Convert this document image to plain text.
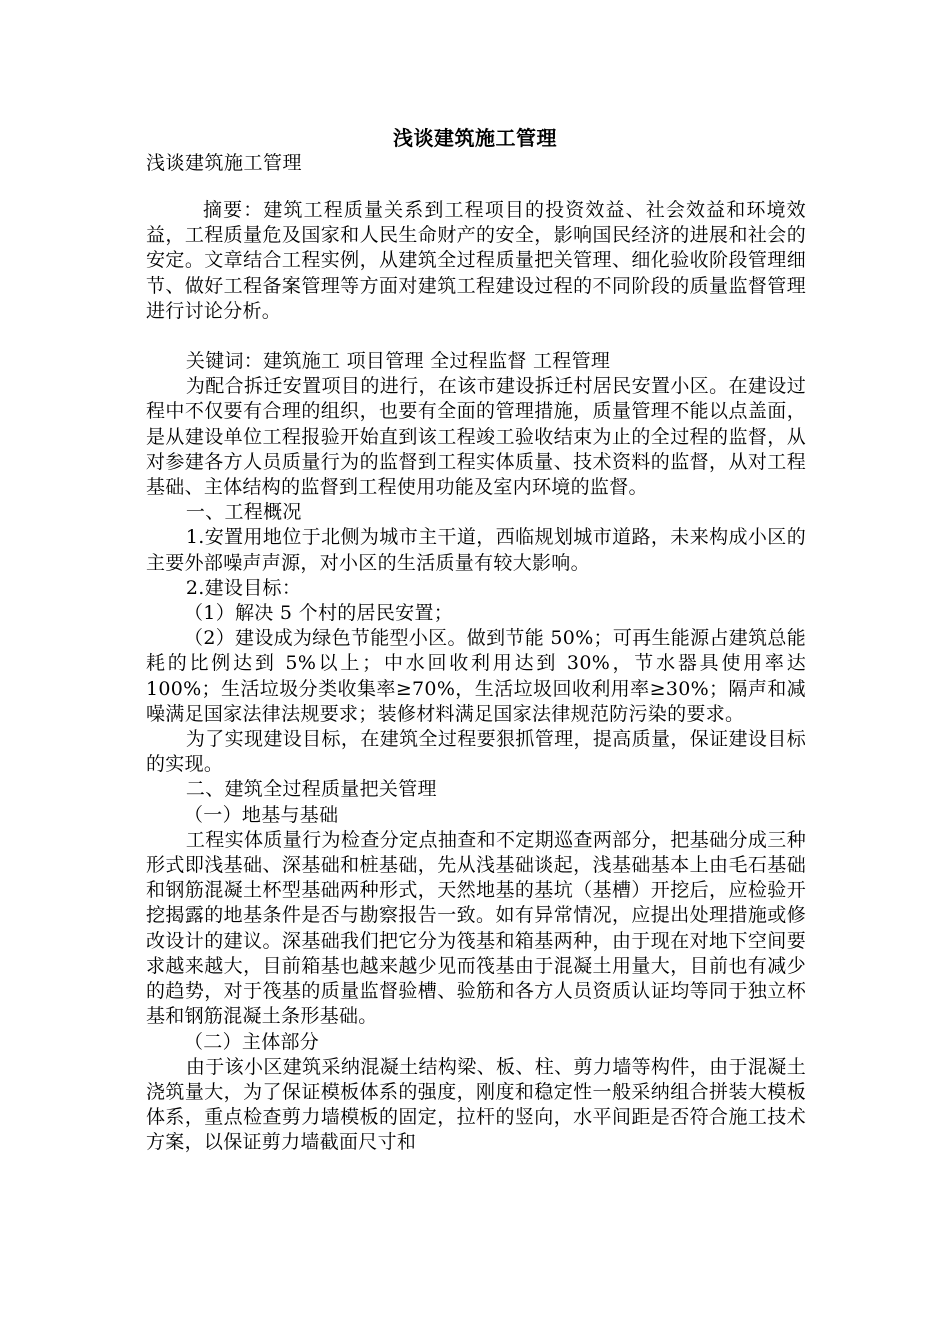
浅谈建筑施工管理
浅谈建筑施工管理

摘要：建筑工程质量关系到工程项目的投资效益、社会效益和环境效益，工程质量危及国家和人民生命财产的安全，影响国民经济的进展和社会的安定。文章结合工程实例，从建筑全过程质量把关管理、细化验收阶段管理细节、做好工程备案管理等方面对建筑工程建设过程的不同阶段的质量监督管理进行讨论分析。

关键词：建筑施工 项目管理 全过程监督 工程管理

为配合拆迁安置项目的进行，在该市建设拆迁村居民安置小区。在建设过程中不仅要有合理的组织，也要有全面的管理措施，质量管理不能以点盖面，是从建设单位工程报验开始直到该工程竣工验收结束为止的全过程的监督，从对参建各方人员质量行为的监督到工程实体质量、技术资料的监督，从对工程基础、主体结构的监督到工程使用功能及室内环境的监督。

一、工程概况

1.安置用地位于北侧为城市主干道，西临规划城市道路，未来构成小区的主要外部噪声声源，对小区的生活质量有较大影响。

2.建设目标：

（1）解决 5 个村的居民安置；

（2）建设成为绿色节能型小区。做到节能 50%；可再生能源占建筑总能耗的比例达到 5%以上；中水回收利用达到 30%，节水器具使用率达 100%；生活垃圾分类收集率≥70%，生活垃圾回收利用率≥30%；隔声和减噪满足国家法律法规要求；装修材料满足国家法律规范防污染的要求。

为了实现建设目标，在建筑全过程要狠抓管理，提高质量，保证建设目标的实现。

二、建筑全过程质量把关管理

（一）地基与基础

工程实体质量行为检查分定点抽查和不定期巡查两部分，把基础分成三种形式即浅基础、深基础和桩基础，先从浅基础谈起，浅基础基本上由毛石基础和钢筋混凝土杯型基础两种形式，天然地基的基坑（基槽）开挖后，应检验开挖揭露的地基条件是否与勘察报告一致。如有异常情况，应提出处理措施或修改设计的建议。深基础我们把它分为筏基和箱基两种，由于现在对地下空间要求越来越大，目前箱基也越来越少见而筏基由于混凝土用量大，目前也有减少的趋势，对于筏基的质量监督验槽、验筋和各方人员资质认证均等同于独立杯基和钢筋混凝土条形基础。

（二）主体部分

由于该小区建筑采纳混凝土结构梁、板、柱、剪力墙等构件，由于混凝土浇筑量大，为了保证模板体系的强度，刚度和稳定性一般采纳组合拼装大模板体系，重点检查剪力墙模板的固定，拉杆的竖向，水平间距是否符合施工技术方案，以保证剪力墙截面尺寸和
